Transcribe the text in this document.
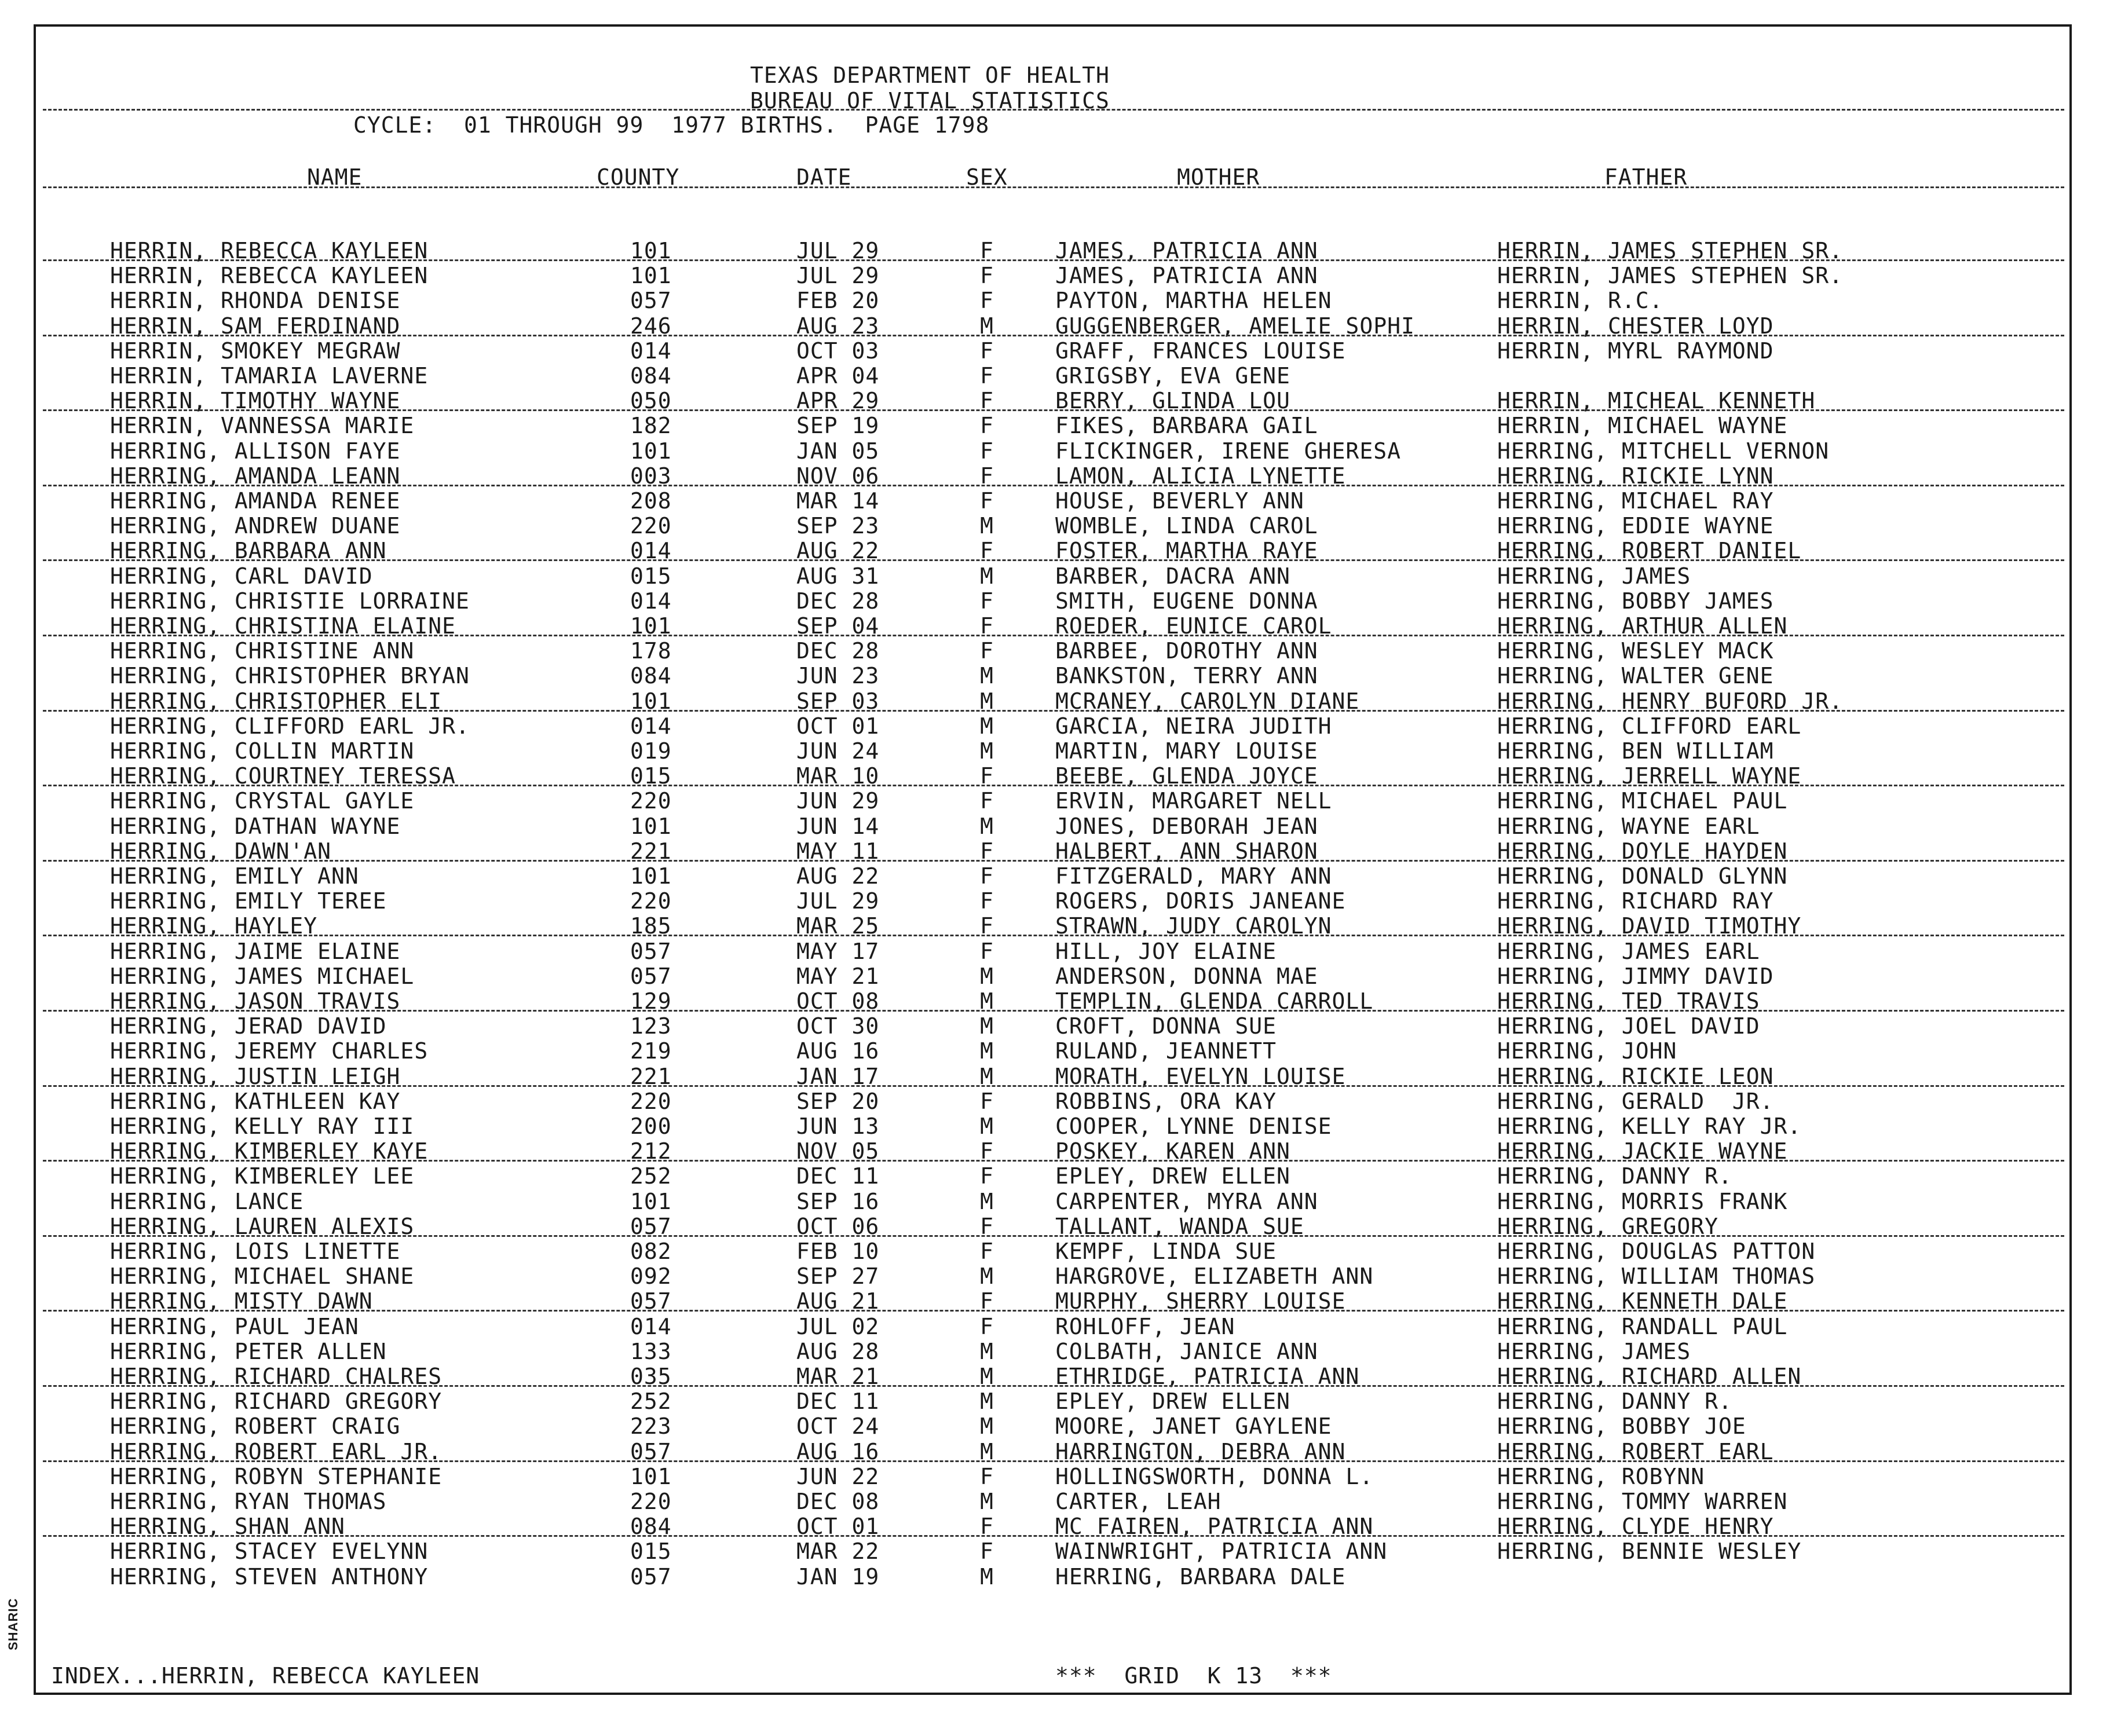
TEXAS DEPARTMENT OF HEALTH
BUREAU OF VITAL STATISTICS
CYCLE:  01 THROUGH 99  1977 BIRTHS.  PAGE 1798
NAME	COUNTY	DATE	SEX	MOTHER	FATHER
HERRIN, REBECCA KAYLEEN	101	JUL 29	F	JAMES, PATRICIA ANN	HERRIN, JAMES STEPHEN SR.
HERRIN, REBECCA KAYLEEN	101	JUL 29	F	JAMES, PATRICIA ANN	HERRIN, JAMES STEPHEN SR.
HERRIN, RHONDA DENISE	057	FEB 20	F	PAYTON, MARTHA HELEN	HERRIN, R.C.
HERRIN, SAM FERDINAND	246	AUG 23	M	GUGGENBERGER, AMELIE SOPHI	HERRIN, CHESTER LOYD
HERRIN, SMOKEY MEGRAW	014	OCT 03	F	GRAFF, FRANCES LOUISE	HERRIN, MYRL RAYMOND
HERRIN, TAMARIA LAVERNE	084	APR 04	F	GRIGSBY, EVA GENE
HERRIN, TIMOTHY WAYNE	050	APR 29	F	BERRY, GLINDA LOU	HERRIN, MICHEAL KENNETH
HERRIN, VANNESSA MARIE	182	SEP 19	F	FIKES, BARBARA GAIL	HERRIN, MICHAEL WAYNE
HERRING, ALLISON FAYE	101	JAN 05	F	FLICKINGER, IRENE GHERESA	HERRING, MITCHELL VERNON
HERRING, AMANDA LEANN	003	NOV 06	F	LAMON, ALICIA LYNETTE	HERRING, RICKIE LYNN
HERRING, AMANDA RENEE	208	MAR 14	F	HOUSE, BEVERLY ANN	HERRING, MICHAEL RAY
HERRING, ANDREW DUANE	220	SEP 23	M	WOMBLE, LINDA CAROL	HERRING, EDDIE WAYNE
HERRING, BARBARA ANN	014	AUG 22	F	FOSTER, MARTHA RAYE	HERRING, ROBERT DANIEL
HERRING, CARL DAVID	015	AUG 31	M	BARBER, DACRA ANN	HERRING, JAMES
HERRING, CHRISTIE LORRAINE	014	DEC 28	F	SMITH, EUGENE DONNA	HERRING, BOBBY JAMES
HERRING, CHRISTINA ELAINE	101	SEP 04	F	ROEDER, EUNICE CAROL	HERRING, ARTHUR ALLEN
HERRING, CHRISTINE ANN	178	DEC 28	F	BARBEE, DOROTHY ANN	HERRING, WESLEY MACK
HERRING, CHRISTOPHER BRYAN	084	JUN 23	M	BANKSTON, TERRY ANN	HERRING, WALTER GENE
HERRING, CHRISTOPHER ELI	101	SEP 03	M	MCRANEY, CAROLYN DIANE	HERRING, HENRY BUFORD JR.
HERRING, CLIFFORD EARL JR.	014	OCT 01	M	GARCIA, NEIRA JUDITH	HERRING, CLIFFORD EARL
HERRING, COLLIN MARTIN	019	JUN 24	M	MARTIN, MARY LOUISE	HERRING, BEN WILLIAM
HERRING, COURTNEY TERESSA	015	MAR 10	F	BEEBE, GLENDA JOYCE	HERRING, JERRELL WAYNE
HERRING, CRYSTAL GAYLE	220	JUN 29	F	ERVIN, MARGARET NELL	HERRING, MICHAEL PAUL
HERRING, DATHAN WAYNE	101	JUN 14	M	JONES, DEBORAH JEAN	HERRING, WAYNE EARL
HERRING, DAWN'AN	221	MAY 11	F	HALBERT, ANN SHARON	HERRING, DOYLE HAYDEN
HERRING, EMILY ANN	101	AUG 22	F	FITZGERALD, MARY ANN	HERRING, DONALD GLYNN
HERRING, EMILY TEREE	220	JUL 29	F	ROGERS, DORIS JANEANE	HERRING, RICHARD RAY
HERRING, HAYLEY	185	MAR 25	F	STRAWN, JUDY CAROLYN	HERRING, DAVID TIMOTHY
HERRING, JAIME ELAINE	057	MAY 17	F	HILL, JOY ELAINE	HERRING, JAMES EARL
HERRING, JAMES MICHAEL	057	MAY 21	M	ANDERSON, DONNA MAE	HERRING, JIMMY DAVID
HERRING, JASON TRAVIS	129	OCT 08	M	TEMPLIN, GLENDA CARROLL	HERRING, TED TRAVIS
HERRING, JERAD DAVID	123	OCT 30	M	CROFT, DONNA SUE	HERRING, JOEL DAVID
HERRING, JEREMY CHARLES	219	AUG 16	M	RULAND, JEANNETT	HERRING, JOHN
HERRING, JUSTIN LEIGH	221	JAN 17	M	MORATH, EVELYN LOUISE	HERRING, RICKIE LEON
HERRING, KATHLEEN KAY	220	SEP 20	F	ROBBINS, ORA KAY	HERRING, GERALD  JR.
HERRING, KELLY RAY III	200	JUN 13	M	COOPER, LYNNE DENISE	HERRING, KELLY RAY JR.
HERRING, KIMBERLEY KAYE	212	NOV 05	F	POSKEY, KAREN ANN	HERRING, JACKIE WAYNE
HERRING, KIMBERLEY LEE	252	DEC 11	F	EPLEY, DREW ELLEN	HERRING, DANNY R.
HERRING, LANCE	101	SEP 16	M	CARPENTER, MYRA ANN	HERRING, MORRIS FRANK
HERRING, LAUREN ALEXIS	057	OCT 06	F	TALLANT, WANDA SUE	HERRING, GREGORY
HERRING, LOIS LINETTE	082	FEB 10	F	KEMPF, LINDA SUE	HERRING, DOUGLAS PATTON
HERRING, MICHAEL SHANE	092	SEP 27	M	HARGROVE, ELIZABETH ANN	HERRING, WILLIAM THOMAS
HERRING, MISTY DAWN	057	AUG 21	F	MURPHY, SHERRY LOUISE	HERRING, KENNETH DALE
HERRING, PAUL JEAN	014	JUL 02	F	ROHLOFF, JEAN	HERRING, RANDALL PAUL
HERRING, PETER ALLEN	133	AUG 28	M	COLBATH, JANICE ANN	HERRING, JAMES
HERRING, RICHARD CHALRES	035	MAR 21	M	ETHRIDGE, PATRICIA ANN	HERRING, RICHARD ALLEN
HERRING, RICHARD GREGORY	252	DEC 11	M	EPLEY, DREW ELLEN	HERRING, DANNY R.
HERRING, ROBERT CRAIG	223	OCT 24	M	MOORE, JANET GAYLENE	HERRING, BOBBY JOE
HERRING, ROBERT EARL JR.	057	AUG 16	M	HARRINGTON, DEBRA ANN	HERRING, ROBERT EARL
HERRING, ROBYN STEPHANIE	101	JUN 22	F	HOLLINGSWORTH, DONNA L.	HERRING, ROBYNN
HERRING, RYAN THOMAS	220	DEC 08	M	CARTER, LEAH	HERRING, TOMMY WARREN
HERRING, SHAN ANN	084	OCT 01	F	MC FAIREN, PATRICIA ANN	HERRING, CLYDE HENRY
HERRING, STACEY EVELYNN	015	MAR 22	F	WAINWRIGHT, PATRICIA ANN	HERRING, BENNIE WESLEY
HERRING, STEVEN ANTHONY	057	JAN 19	M	HERRING, BARBARA DALE
INDEX...HERRIN, REBECCA KAYLEEN	***  GRID  K 13  ***
SHARIC
